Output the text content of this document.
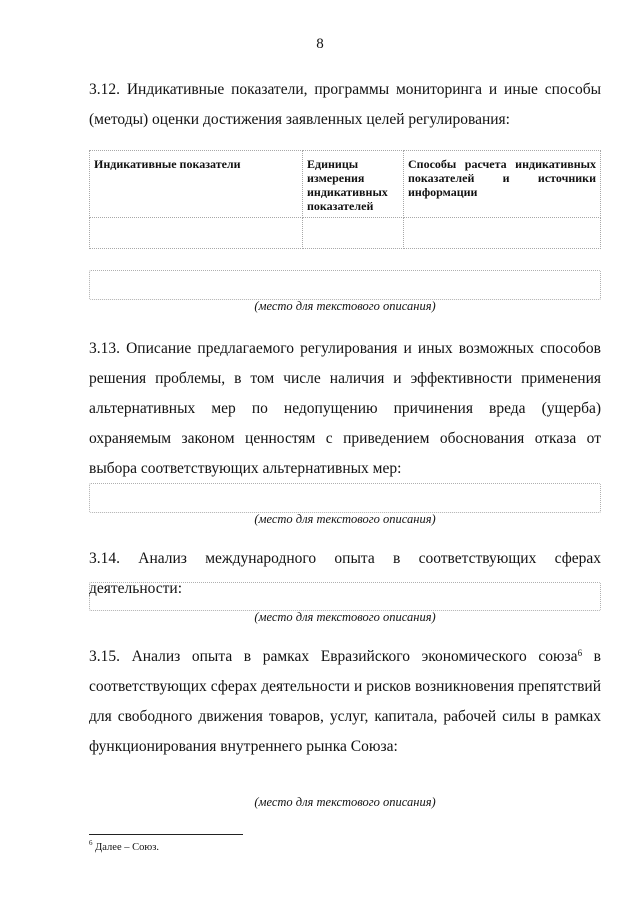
8
3.12. Индикативные показатели, программы мониторинга и иные способы (методы) оценки достижения заявленных целей регулирования:
Индикативные показатели	Единицы измерения индикативных показателей	Способы расчета индикативных показателей и источники информации

(место для текстового описания)
3.13. Описание предлагаемого регулирования и иных возможных способов решения проблемы, в том числе наличия и эффективности применения альтернативных мер по недопущению причинения вреда (ущерба) охраняемым законом ценностям с приведением обоснования отказа от выбора соответствующих альтернативных мер:
(место для текстового описания)
3.14. Анализ международного опыта в соответствующих сферах деятельности:
(место для текстового описания)
3.15. Анализ опыта в рамках Евразийского экономического союза$^6$ в соответствующих сферах деятельности и рисков возникновения препятствий для свободного движения товаров, услуг, капитала, рабочей силы в рамках функционирования внутреннего рынка Союза:
(место для текстового описания)
$^6$ Далее – Союз.
